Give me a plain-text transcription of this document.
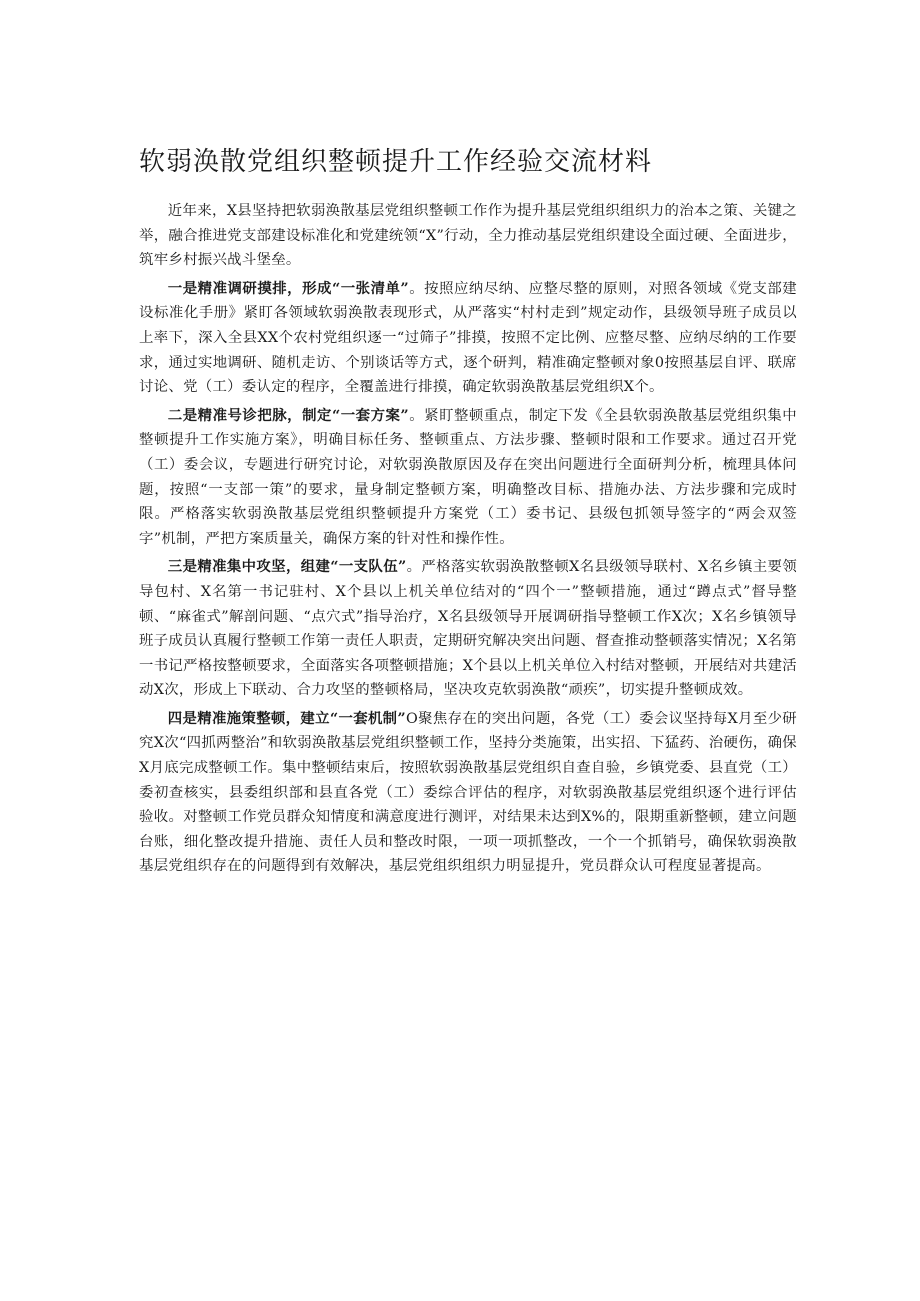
软弱涣散党组织整顿提升工作经验交流材料

近年来，X县坚持把软弱涣散基层党组织整顿工作作为提升基层党组织组织力的治本之策、关键之举，融合推进党支部建设标准化和党建统领“X”行动，全力推动基层党组织建设全面过硬、全面进步，筑牢乡村振兴战斗堡垒。

一是精准调研摸排，形成“一张清单”。按照应纳尽纳、应整尽整的原则，对照各领域《党支部建设标准化手册》紧盯各领域软弱涣散表现形式，从严落实“村村走到”规定动作，县级领导班子成员以上率下，深入全县XX个农村党组织逐一“过筛子”排摸，按照不定比例、应整尽整、应纳尽纳的工作要求，通过实地调研、随机走访、个别谈话等方式，逐个研判，精准确定整顿对象0按照基层自评、联席讨论、党（工）委认定的程序，全覆盖进行排摸，确定软弱涣散基层党组织X个。

二是精准号诊把脉，制定“一套方案”。紧盯整顿重点，制定下发《全县软弱涣散基层党组织集中整顿提升工作实施方案》，明确目标任务、整顿重点、方法步骤、整顿时限和工作要求。通过召开党（工）委会议，专题进行研究讨论，对软弱涣散原因及存在突出问题进行全面研判分析，梳理具体问题，按照“一支部一策”的要求，量身制定整顿方案，明确整改目标、措施办法、方法步骤和完成时限。严格落实软弱涣散基层党组织整顿提升方案党（工）委书记、县级包抓领导签字的“两会双签字”机制，严把方案质量关，确保方案的针对性和操作性。

三是精准集中攻坚，组建“一支队伍”。严格落实软弱涣散整顿X名县级领导联村、X名乡镇主要领导包村、X名第一书记驻村、X个县以上机关单位结对的“四个一”整顿措施，通过“蹲点式”督导整顿、“麻雀式”解剖问题、“点穴式”指导治疗，X名县级领导开展调研指导整顿工作X次；X名乡镇领导班子成员认真履行整顿工作第一责任人职责，定期研究解决突出问题、督查推动整顿落实情况；X名第一书记严格按整顿要求，全面落实各项整顿措施；X个县以上机关单位入村结对整顿，开展结对共建活动X次，形成上下联动、合力攻坚的整顿格局，坚决攻克软弱涣散“顽疾”，切实提升整顿成效。

四是精准施策整顿，建立“一套机制”O聚焦存在的突出问题，各党（工）委会议坚持每X月至少研究X次“四抓两整治”和软弱涣散基层党组织整顿工作，坚持分类施策，出实招、下猛药、治硬伤，确保X月底完成整顿工作。集中整顿结束后，按照软弱涣散基层党组织自查自验，乡镇党委、县直党（工）委初查核实，县委组织部和县直各党（工）委综合评估的程序，对软弱涣散基层党组织逐个进行评估验收。对整顿工作党员群众知情度和满意度进行测评，对结果未达到X%的，限期重新整顿，建立问题台账，细化整改提升措施、责任人员和整改时限，一项一项抓整改，一个一个抓销号，确保软弱涣散基层党组织存在的问题得到有效解决，基层党组织组织力明显提升，党员群众认可程度显著提高。
